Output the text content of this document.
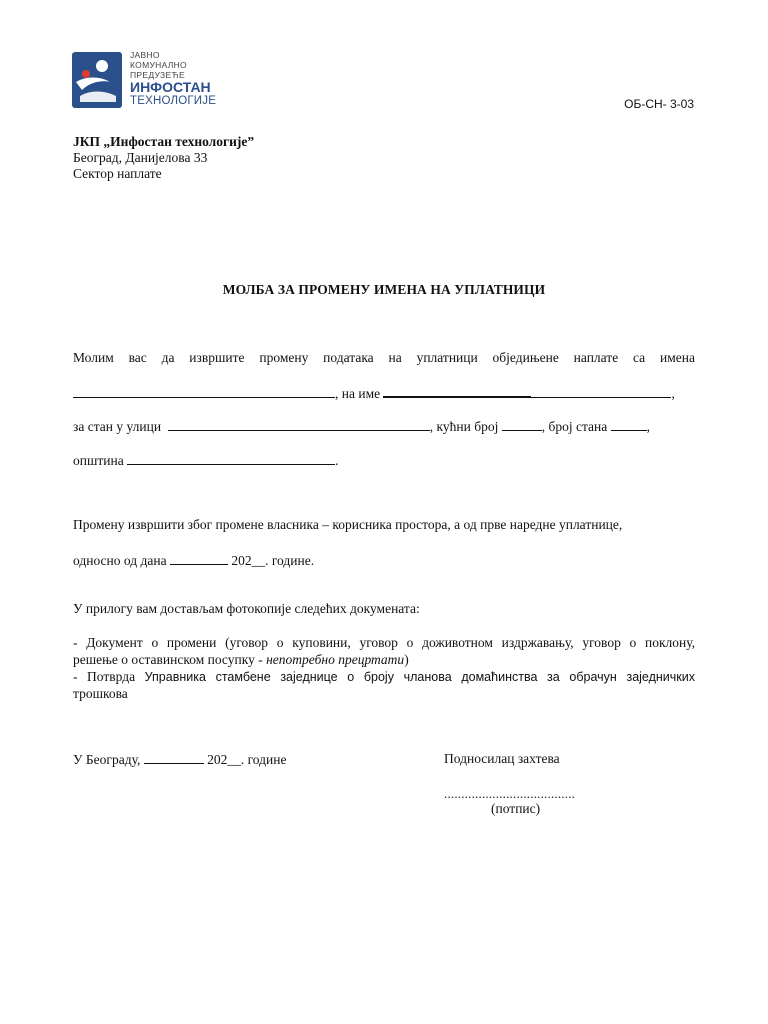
ЈАВНО
КОМУНАЛНО
ПРЕДУЗЕЋЕ
ИНФОСТАН
ТЕХНОЛОГИЈЕ	ОБ-СН- 3-03
ЈКП „Инфостан технологије”
Београд, Данијелова 33
Сектор наплате
МОЛБА ЗА ПРОМЕНУ ИМЕНА НА УПЛАТНИЦИ
Молим вас да извршите промену података на уплатници обједињене наплате са имена
, на име	,
за стан у улици	, кућни број	, број стана	,
општина	.
Промену извршити због промене власника – корисника простора, а од прве наредне уплатнице,
односно од дана	202__. године.
У прилогу вам достављам фотокопије следећих докумената:
- Документ о промени (уговор о куповини, уговор о доживотном издржавању, уговор о поклону,
решење о оставинском посупку - непотребно прецртати)
- Потврда Управника стамбене заједнице о броју чланова домаћинства за обрачун заједничких
трошкова
У Београду,	202__. године	Подносилац захтева
......................................
(потпис)
